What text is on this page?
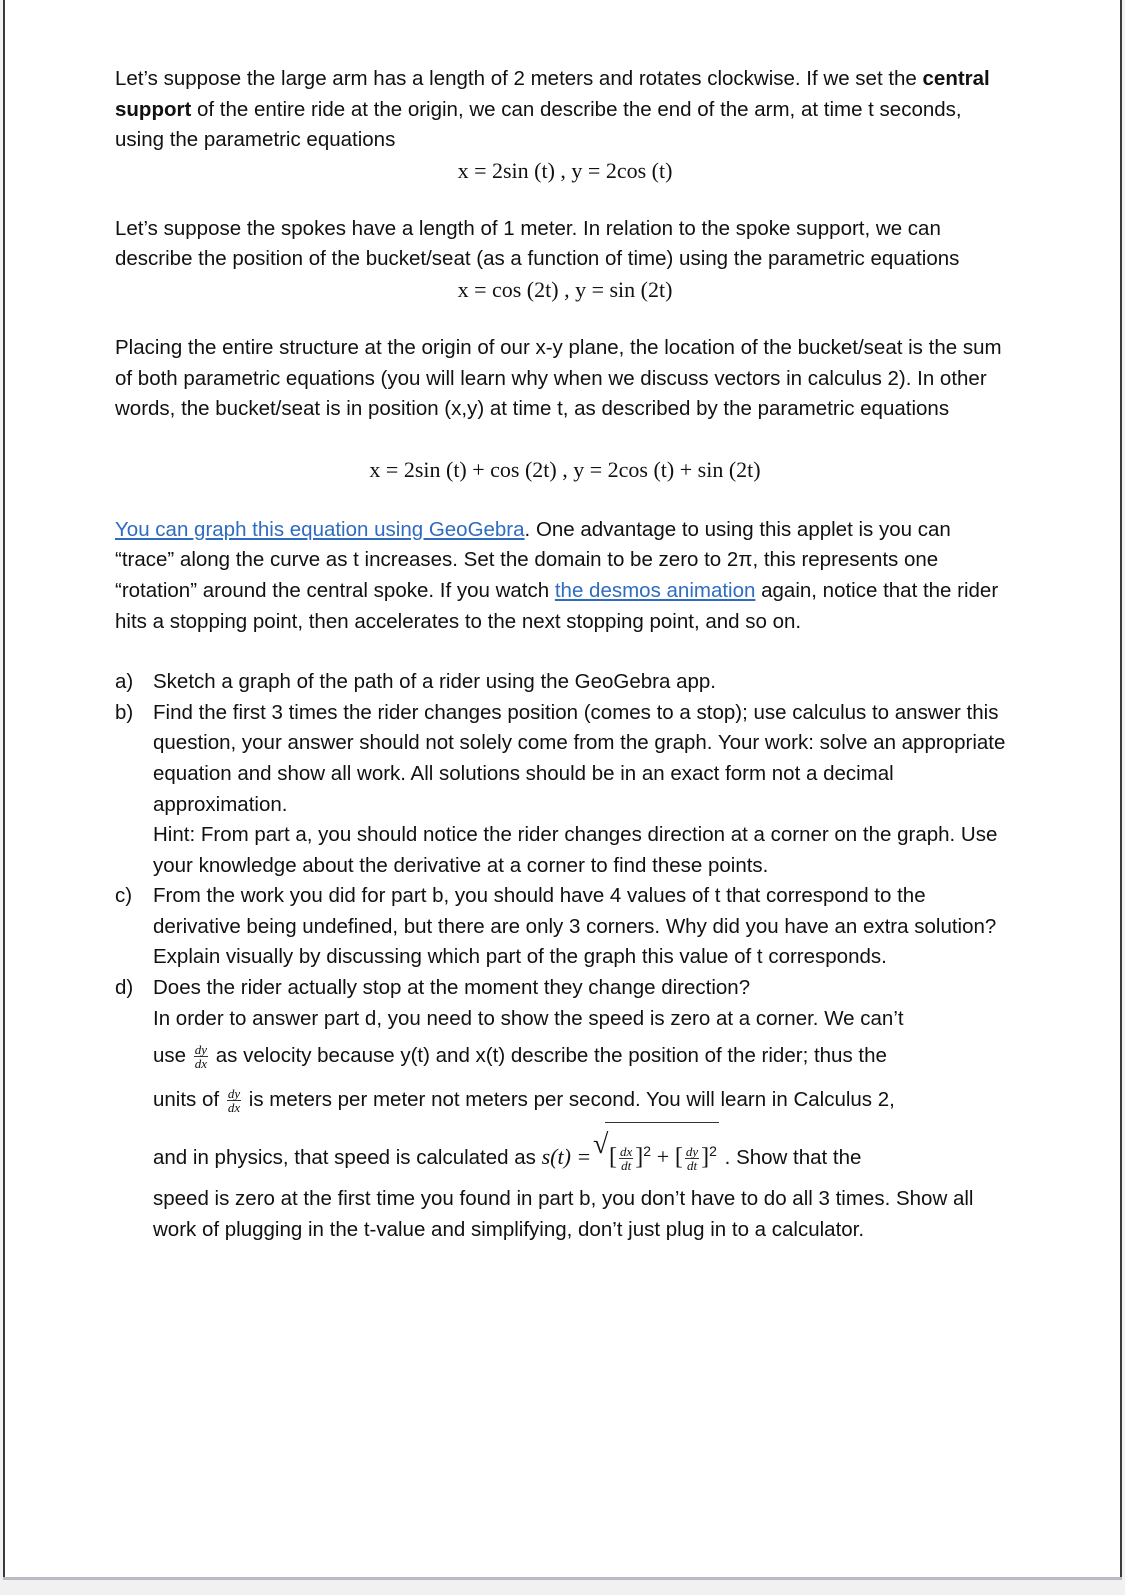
Let’s suppose the large arm has a length of 2 meters and rotates clockwise. If we set the central support of the entire ride at the origin, we can describe the end of the arm, at time t seconds, using the parametric equations

x = 2sin (t) , y = 2cos (t)

Let’s suppose the spokes have a length of 1 meter. In relation to the spoke support, we can describe the position of the bucket/seat (as a function of time) using the parametric equations

x = cos (2t) , y = sin (2t)

Placing the entire structure at the origin of our x-y plane, the location of the bucket/seat is the sum of both parametric equations (you will learn why when we discuss vectors in calculus 2). In other words, the bucket/seat is in position (x,y) at time t, as described by the parametric equations

x = 2sin (t) + cos (2t) , y = 2cos (t) + sin (2t)

You can graph this equation using GeoGebra. One advantage to using this applet is you can “trace” along the curve as t increases. Set the domain to be zero to 2π, this represents one “rotation” around the central spoke. If you watch the desmos animation again, notice that the rider hits a stopping point, then accelerates to the next stopping point, and so on.

a) Sketch a graph of the path of a rider using the GeoGebra app.
b) Find the first 3 times the rider changes position (comes to a stop); use calculus to answer this question, your answer should not solely come from the graph. Your work: solve an appropriate equation and show all work. All solutions should be in an exact form not a decimal approximation.
Hint: From part a, you should notice the rider changes direction at a corner on the graph. Use your knowledge about the derivative at a corner to find these points.
c) From the work you did for part b, you should have 4 values of t that correspond to the derivative being undefined, but there are only 3 corners. Why did you have an extra solution? Explain visually by discussing which part of the graph this value of t corresponds.
d) Does the rider actually stop at the moment they change direction?
In order to answer part d, you need to show the speed is zero at a corner. We can’t

use $\frac{dy}{dx}$ as velocity because y(t) and x(t) describe the position of the rider; thus the
units of $\frac{dy}{dx}$ is meters per meter not meters per second. You will learn in Calculus 2,
and in physics, that speed is calculated as s(t) = √ [ $\frac{dx}{dt} ]^2$ + [ $\frac{dy}{dt} ]^2$ . Show that the
speed is zero at the first time you found in part b, you don’t have to do all 3 times. Show all work of plugging in the t-value and simplifying, don’t just plug in to a calculator.
